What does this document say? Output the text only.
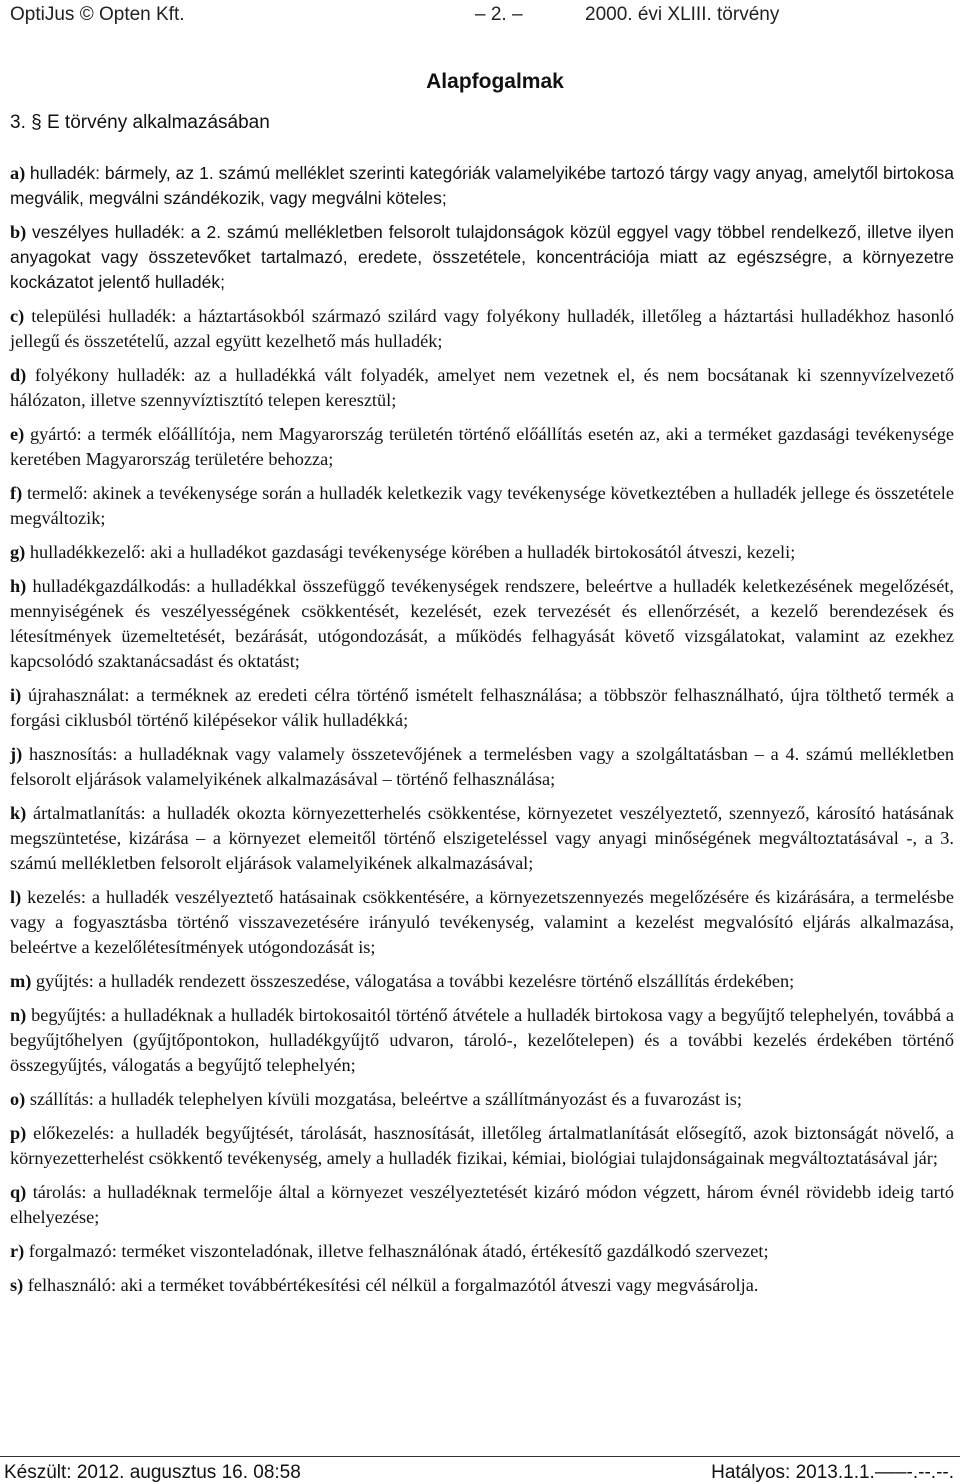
OptiJus © Opten Kft.	– 2. –	2000. évi XLIII. törvény
Alapfogalmak
3. § E törvény alkalmazásában
a) hulladék: bármely, az 1. számú melléklet szerinti kategóriák valamelyikébe tartozó tárgy vagy anyag, amelytől birtokosa megválik, megválni szándékozik, vagy megválni köteles;
b) veszélyes hulladék: a 2. számú mellékletben felsorolt tulajdonságok közül eggyel vagy többel rendelkező, illetve ilyen anyagokat vagy összetevőket tartalmazó, eredete, összetétele, koncentrációja miatt az egészségre, a környezetre kockázatot jelentő hulladék;
c) települési hulladék: a háztartásokból származó szilárd vagy folyékony hulladék, illetőleg a háztartási hulladékhoz hasonló jellegű és összetételű, azzal együtt kezelhető más hulladék;
d) folyékony hulladék: az a hulladékká vált folyadék, amelyet nem vezetnek el, és nem bocsátanak ki szennyvízelvezető hálózaton, illetve szennyvíztisztító telepen keresztül;
e) gyártó: a termék előállítója, nem Magyarország területén történő előállítás esetén az, aki a terméket gazdasági tevékenysége keretében Magyarország területére behozza;
f) termelő: akinek a tevékenysége során a hulladék keletkezik vagy tevékenysége következtében a hulladék jellege és összetétele megváltozik;
g) hulladékkezelő: aki a hulladékot gazdasági tevékenysége körében a hulladék birtokosától átveszi, kezeli;
h) hulladékgazdálkodás: a hulladékkal összefüggő tevékenységek rendszere, beleértve a hulladék keletkezésének megelőzését, mennyiségének és veszélyességének csökkentését, kezelését, ezek tervezését és ellenőrzését, a kezelő berendezések és létesítmények üzemeltetését, bezárását, utógondozását, a működés felhagyását követő vizsgálatokat, valamint az ezekhez kapcsolódó szaktanácsadást és oktatást;
i) újrahasználat: a terméknek az eredeti célra történő ismételt felhasználása; a többször felhasználható, újra tölthető termék a forgási ciklusból történő kilépésekor válik hulladékká;
j) hasznosítás: a hulladéknak vagy valamely összetevőjének a termelésben vagy a szolgáltatásban – a 4. számú mellékletben felsorolt eljárások valamelyikének alkalmazásával – történő felhasználása;
k) ártalmatlanítás: a hulladék okozta környezetterhelés csökkentése, környezetet veszélyeztető, szennyező, károsító hatásának megszüntetése, kizárása – a környezet elemeitől történő elszigeteléssel vagy anyagi minőségének megváltoztatásával -, a 3. számú mellékletben felsorolt eljárások valamelyikének alkalmazásával;
l) kezelés: a hulladék veszélyeztető hatásainak csökkentésére, a környezetszennyezés megelőzésére és kizárására, a termelésbe vagy a fogyasztásba történő visszavezetésére irányuló tevékenység, valamint a kezelést megvalósító eljárás alkalmazása, beleértve a kezelőlétesítmények utógondozását is;
m) gyűjtés: a hulladék rendezett összeszedése, válogatása a további kezelésre történő elszállítás érdekében;
n) begyűjtés: a hulladéknak a hulladék birtokosaitól történő átvétele a hulladék birtokosa vagy a begyűjtő telephelyén, továbbá a begyűjtőhelyen (gyűjtőpontokon, hulladékgyűjtő udvaron, tároló-, kezelőtelepen) és a további kezelés érdekében történő összegyűjtés, válogatás a begyűjtő telephelyén;
o) szállítás: a hulladék telephelyen kívüli mozgatása, beleértve a szállítmányozást és a fuvarozást is;
p) előkezelés: a hulladék begyűjtését, tárolását, hasznosítását, illetőleg ártalmatlanítását elősegítő, azok biztonságát növelő, a környezetterhelést csökkentő tevékenység, amely a hulladék fizikai, kémiai, biológiai tulajdonságainak megváltoztatásával jár;
q) tárolás: a hulladéknak termelője által a környezet veszélyeztetését kizáró módon végzett, három évnél rövidebb ideig tartó elhelyezése;
r) forgalmazó: terméket viszonteladónak, illetve felhasználónak átadó, értékesítő gazdálkodó szervezet;
s) felhasználó: aki a terméket továbbértékesítési cél nélkül a forgalmazótól átveszi vagy megvásárolja.
Készült: 2012. augusztus 16. 08:58	Hatályos: 2013.1.1.–––-.--.--.
